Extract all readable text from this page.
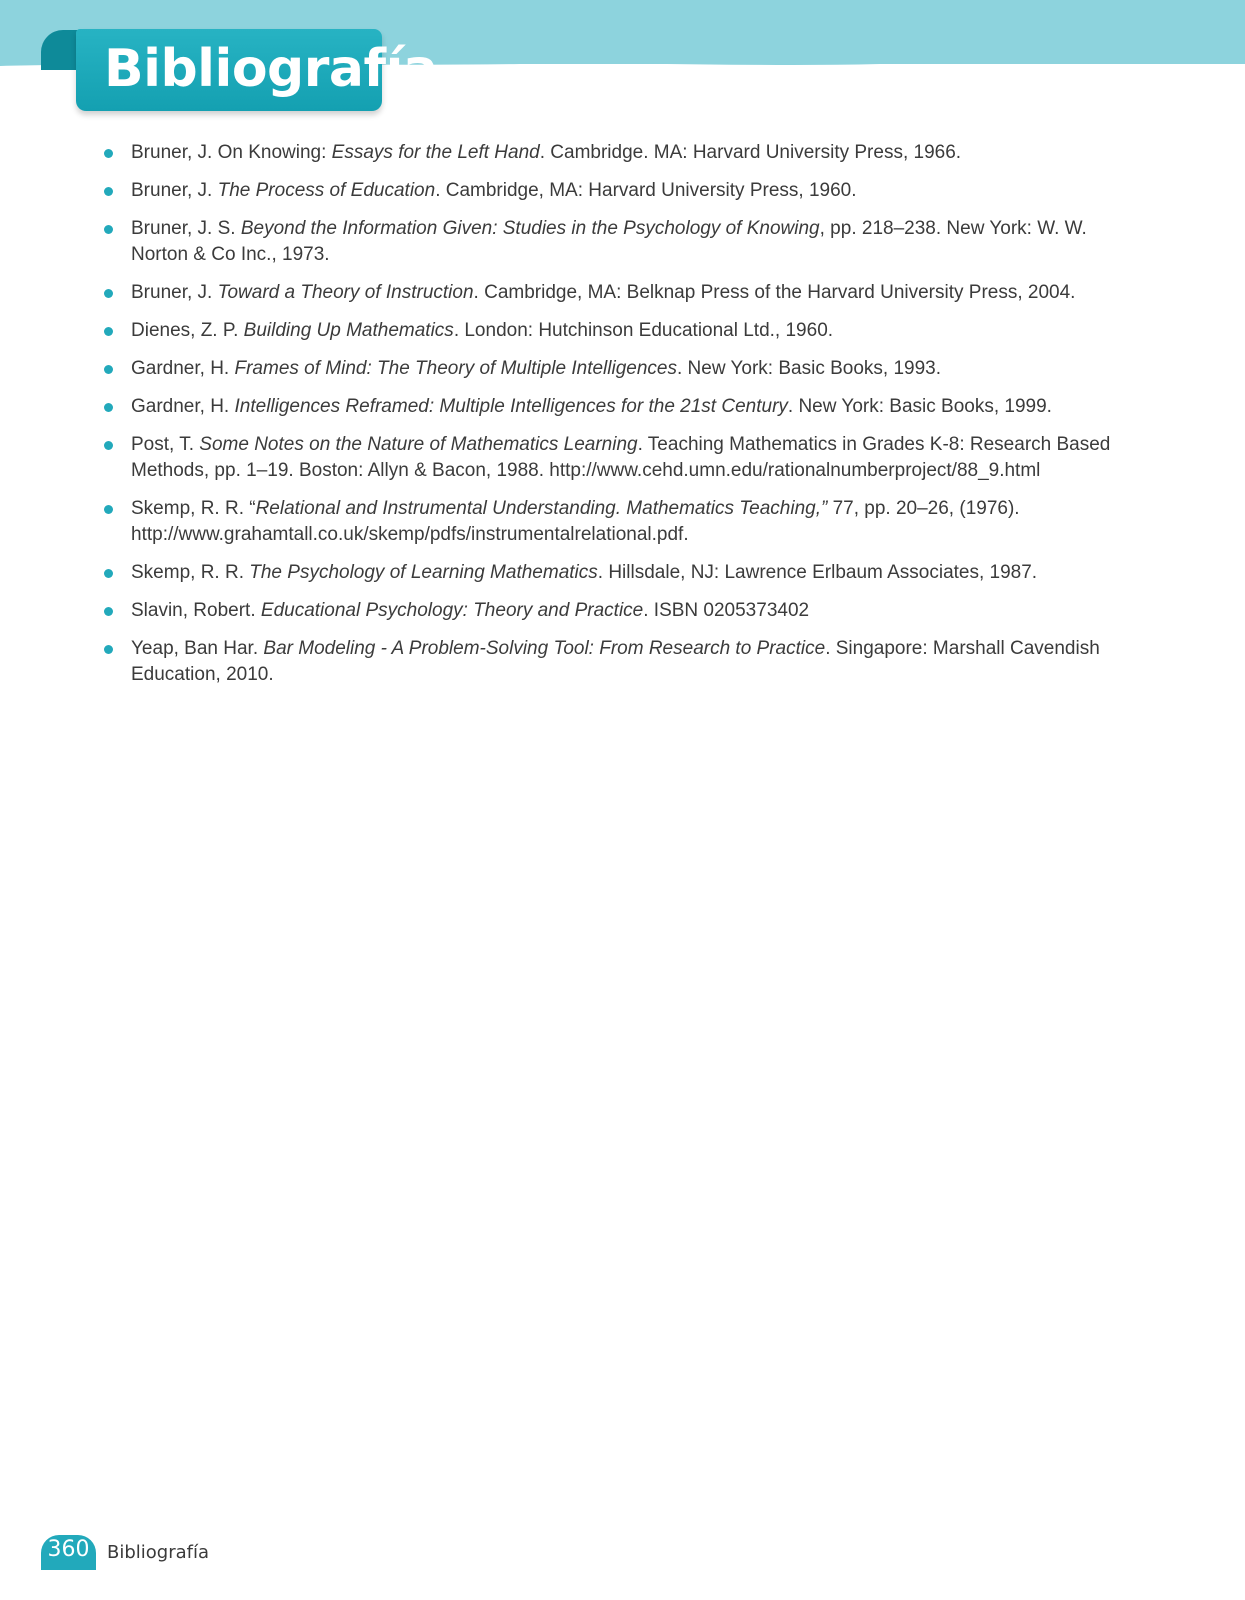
Bibliografía
Bruner, J. On Knowing: Essays for the Left Hand. Cambridge. MA: Harvard University Press, 1966.
Bruner, J. The Process of Education. Cambridge, MA: Harvard University Press, 1960.
Bruner, J. S. Beyond the Information Given: Studies in the Psychology of Knowing, pp. 218–238. New York: W. W. Norton & Co Inc., 1973.
Bruner, J. Toward a Theory of Instruction. Cambridge, MA: Belknap Press of the Harvard University Press, 2004.
Dienes, Z. P. Building Up Mathematics. London: Hutchinson Educational Ltd., 1960.
Gardner, H. Frames of Mind: The Theory of Multiple Intelligences. New York: Basic Books, 1993.
Gardner, H. Intelligences Reframed: Multiple Intelligences for the 21st Century. New York: Basic Books, 1999.
Post, T. Some Notes on the Nature of Mathematics Learning. Teaching Mathematics in Grades K-8: Research Based Methods, pp. 1–19. Boston: Allyn & Bacon, 1988. http://www.cehd.umn.edu/rationalnumberproject/88_9.html
Skemp, R. R. “Relational and Instrumental Understanding. Mathematics Teaching,” 77, pp. 20–26, (1976). http://www.grahamtall.co.uk/skemp/pdfs/instrumentalrelational.pdf.
Skemp, R. R. The Psychology of Learning Mathematics. Hillsdale, NJ: Lawrence Erlbaum Associates, 1987.
Slavin, Robert. Educational Psychology: Theory and Practice. ISBN 0205373402
Yeap, Ban Har. Bar Modeling - A Problem-Solving Tool: From Research to Practice. Singapore: Marshall Cavendish Education, 2010.
360 Bibliografía
